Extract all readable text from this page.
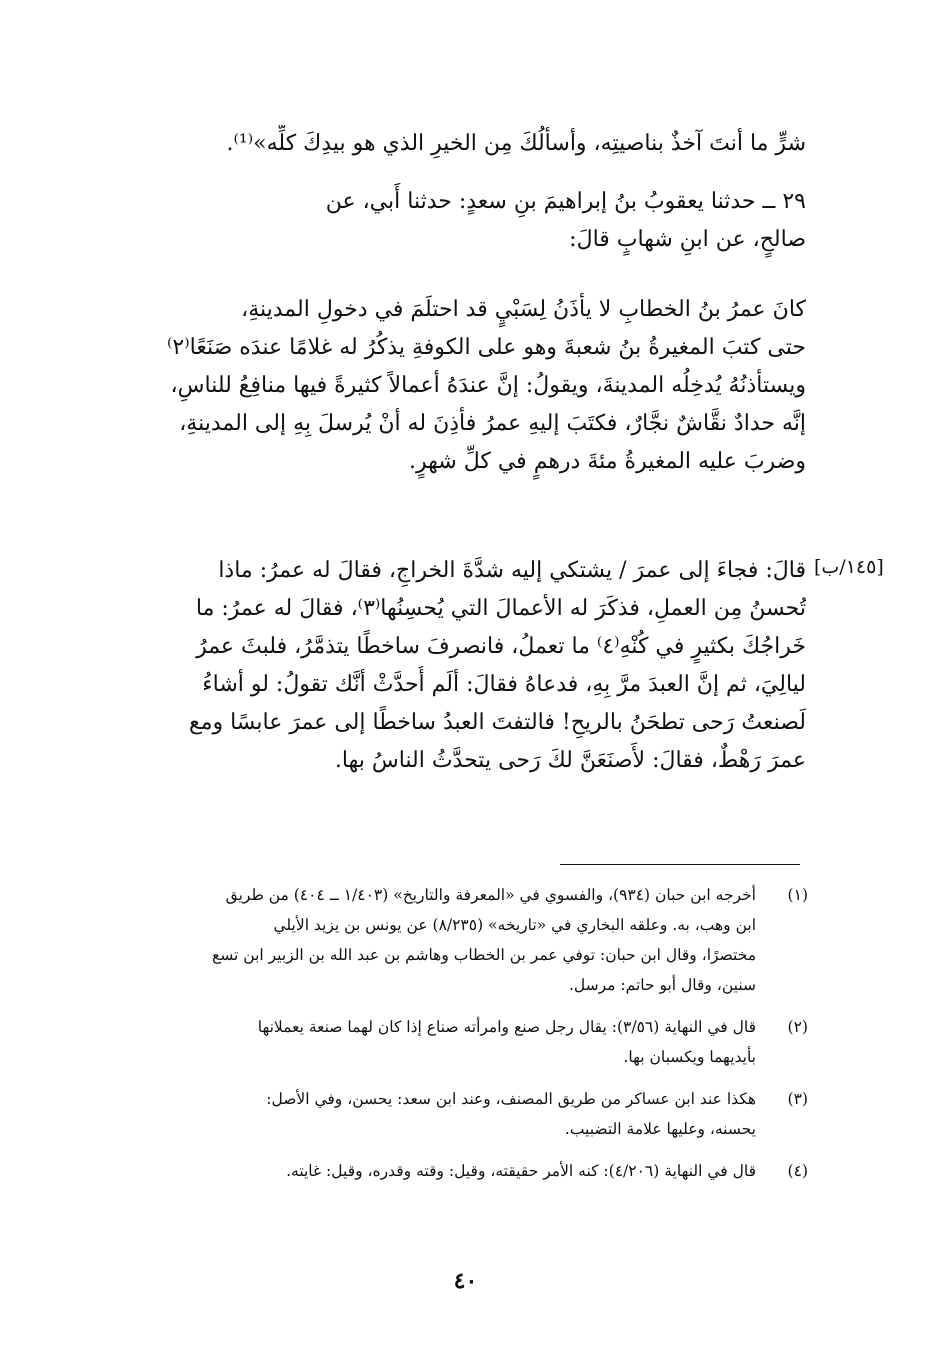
شرٍّ ما أنتَ آخذٌ بناصيتِه، وأسألُكَ مِن الخيرِ الذي هو بيدِكَ كلِّه»⁽¹⁾.
٢٩ ــ حدثنا يعقوبُ بنُ إبراهيمَ بنِ سعدٍ: حدثنا أَبي، عن
صالحٍ، عن ابنِ شهابٍ قالَ:
كانَ عمرُ بنُ الخطابِ لا يأذَنُ لِسَبْيٍ قد احتلَمَ في دخولِ المدينةِ،
حتى كتبَ المغيرةُ بنُ شعبةَ وهو على الكوفةِ يذكُرُ له غلامًا عندَه صَنَعًا⁽٢⁾
ويستأذنُهُ يُدخِلُه المدينةَ، ويقولُ: إنَّ عندَهُ أعمالاً كثيرةً فيها منافِعُ للناسِ،
إنَّه حدادٌ نقَّاشٌ نجَّارٌ، فكتَبَ إليهِ عمرُ فأذِنَ له أنْ يُرسلَ بِهِ إلى المدينةِ،
وضربَ عليه المغيرةُ مئةَ درهمٍ في كلِّ شهرٍ.
[١٤٥/ب]
قالَ: فجاءَ إلى عمرَ / يشتكي إليه شدَّةَ الخراجِ، فقالَ له عمرُ: ماذا
تُحسنُ مِن العملِ، فذكَرَ له الأعمالَ التي يُحسِنُها⁽٣⁾، فقالَ له عمرُ: ما
خَراجُكَ بكثيرٍ في كُنْهِ⁽٤⁾ ما تعملُ، فانصرفَ ساخطًا يتذمَّرُ، فلبثَ عمرُ
ليالِيَ، ثم إنَّ العبدَ مرَّ بِهِ، فدعاهُ فقالَ: ألَم أُحدَّثْ أنَّك تقولُ: لو أشاءُ
لَصنعتُ رَحى تطحَنُ بالريحِ! فالتفتَ العبدُ ساخطًا إلى عمرَ عابسًا ومع
عمرَ رَهْطٌ، فقالَ: لأَصنَعَنَّ لكَ رَحى يتحدَّثُ الناسُ بها.
(١)
أخرجه ابن حبان (٩٣٤)، والفسوي في «المعرفة والتاريخ» (١/٤٠٣ ــ ٤٠٤) من طريق
ابن وهب، به. وعلقه البخاري في «تاريخه» (٨/٢٣٥) عن يونس بن يزيد الأيلي
مختصرًا، وقال ابن حبان: توفي عمر بن الخطاب وهاشم بن عبد الله بن الزبير ابن تسع
سنين، وقال أبو حاتم: مرسل.
(٢)
قال في النهاية (٣/٥٦): يقال رجل صنع وامرأته صناع إذا كان لهما صنعة يعملانها
بأيديهما ويكسبان بها.
(٣)
هكذا عند ابن عساكر من طريق المصنف، وعند ابن سعد: يحسن، وفي الأصل:
يحسنه، وعليها علامة التضبيب.
(٤)
قال في النهاية (٤/٢٠٦): كنه الأمر حقيقته، وقيل: وقته وقدره، وقيل: غايته.
٤٠
